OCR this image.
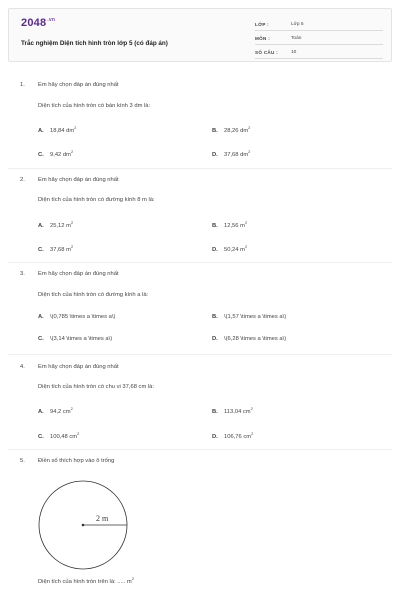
$2048^{.vn}$
Trắc nghiệm Diện tích hình tròn lớp 5 (có đáp án)
LỚP :	Lớp 5
MÔN :	Toán
SỐ CÂU :	10
1. Em hãy chọn đáp án đúng nhất
Diện tích của hình tròn có bán kính 3 dm là:
A. 18,84 $dm^2$
B. 28,26 $dm^2$
C. 9,42 $dm^2$
D. 37,68 $dm^2$
2. Em hãy chọn đáp án đúng nhất
Diện tích của hình tròn có đường kính 8 m là:
A. 25,12 $m^2$
B. 12,56 $m^2$
C. 37,68 $m^2$
D. 50,24 $m^2$
3. Em hãy chọn đáp án đúng nhất
Diện tích của hình tròn có đường kính a là:
A. \(0,785 \times a \times a\)	B. \(1,57 \times a \times a\)
C. \(3,14 \times a \times a\)	D. \(6,28 \times a \times a\)
4. Em hãy chọn đáp án đúng nhất
Diện tích của hình tròn có chu vi 37,68 cm là:
A. 94,2 $cm^2$
B. 113,04 $cm^2$
C. 100,48 $cm^2$
D. 106,76 $cm^2$
5. Điền số thích hợp vào ô trống
2 m
Diện tích của hình tròn trên là: ..... $m^2$
